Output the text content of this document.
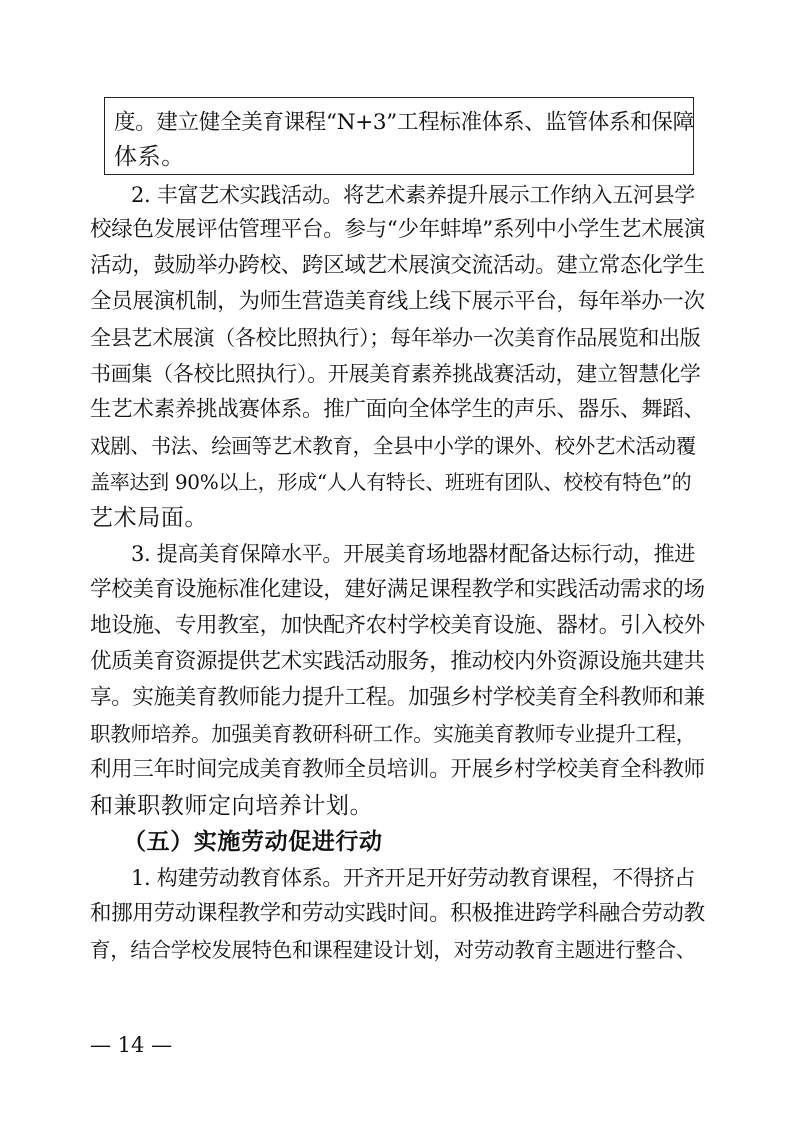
度。建立健全美育课程“N+3”工程标准体系、监管体系和保障
体系。
2. 丰富艺术实践活动。将艺术素养提升展示工作纳入五河县学
校绿色发展评估管理平台。参与“少年蚌埠”系列中小学生艺术展演
活动，鼓励举办跨校、跨区域艺术展演交流活动。建立常态化学生
全员展演机制，为师生营造美育线上线下展示平台，每年举办一次
全县艺术展演（各校比照执行）；每年举办一次美育作品展览和出版
书画集（各校比照执行）。开展美育素养挑战赛活动，建立智慧化学
生艺术素养挑战赛体系。推广面向全体学生的声乐、器乐、舞蹈、
戏剧、书法、绘画等艺术教育，全县中小学的课外、校外艺术活动覆
盖率达到 90%以上，形成“人人有特长、班班有团队、校校有特色”的
艺术局面。
3. 提高美育保障水平。开展美育场地器材配备达标行动，推进
学校美育设施标准化建设，建好满足课程教学和实践活动需求的场
地设施、专用教室，加快配齐农村学校美育设施、器材。引入校外
优质美育资源提供艺术实践活动服务，推动校内外资源设施共建共
享。实施美育教师能力提升工程。加强乡村学校美育全科教师和兼
职教师培养。加强美育教研科研工作。实施美育教师专业提升工程，
利用三年时间完成美育教师全员培训。开展乡村学校美育全科教师
和兼职教师定向培养计划。
（五）实施劳动促进行动
1. 构建劳动教育体系。开齐开足开好劳动教育课程，不得挤占
和挪用劳动课程教学和劳动实践时间。积极推进跨学科融合劳动教
育，结合学校发展特色和课程建设计划，对劳动教育主题进行整合、
— 14 —
